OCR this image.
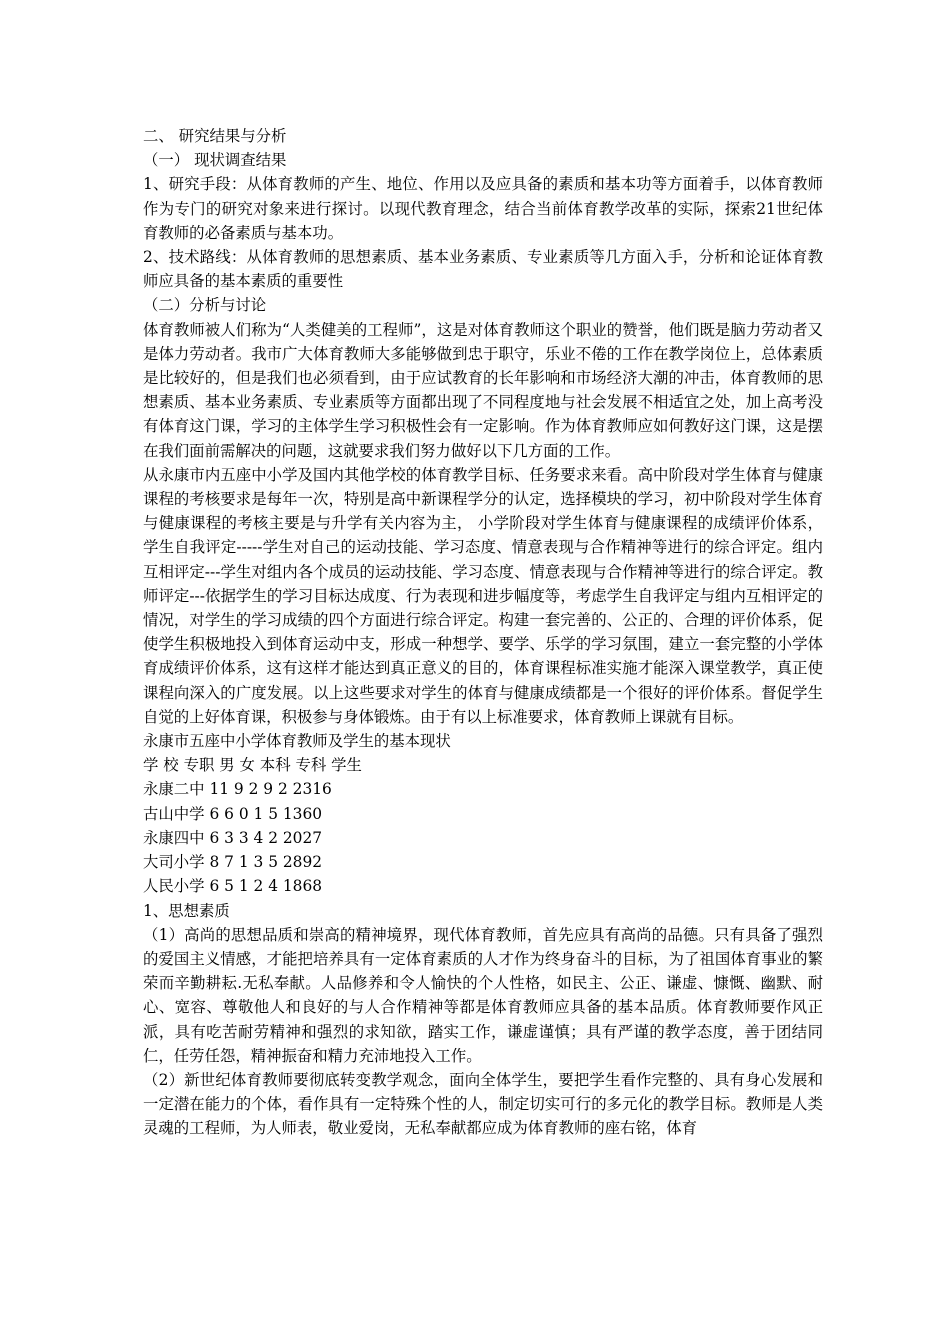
二、 研究结果与分析

（一） 现状调查结果

1、研究手段：从体育教师的产生、地位、作用以及应具备的素质和基本功等方面着手，以体育教师作为专门的研究对象来进行探讨。以现代教育理念，结合当前体育教学改革的实际，探索21世纪体育教师的必备素质与基本功。

2、技术路线：从体育教师的思想素质、基本业务素质、专业素质等几方面入手，分析和论证体育教师应具备的基本素质的重要性

（二）分析与讨论

体育教师被人们称为“人类健美的工程师”，这是对体育教师这个职业的赞誉，他们既是脑力劳动者又是体力劳动者。我市广大体育教师大多能够做到忠于职守，乐业不倦的工作在教学岗位上，总体素质是比较好的，但是我们也必须看到，由于应试教育的长年影响和市场经济大潮的冲击，体育教师的思想素质、基本业务素质、专业素质等方面都出现了不同程度地与社会发展不相适宜之处，加上高考没有体育这门课，学习的主体学生学习积极性会有一定影响。作为体育教师应如何教好这门课，这是摆在我们面前需解决的问题，这就要求我们努力做好以下几方面的工作。

从永康市内五座中小学及国内其他学校的体育教学目标、任务要求来看。高中阶段对学生体育与健康课程的考核要求是每年一次，特别是高中新课程学分的认定，选择模块的学习，初中阶段对学生体育与健康课程的考核主要是与升学有关内容为主， 小学阶段对学生体育与健康课程的成绩评价体系，学生自我评定-----学生对自己的运动技能、学习态度、情意表现与合作精神等进行的综合评定。组内互相评定---学生对组内各个成员的运动技能、学习态度、情意表现与合作精神等进行的综合评定。教师评定---依据学生的学习目标达成度、行为表现和进步幅度等，考虑学生自我评定与组内互相评定的情况，对学生的学习成绩的四个方面进行综合评定。构建一套完善的、公正的、合理的评价体系，促使学生积极地投入到体育运动中支，形成一种想学、要学、乐学的学习氛围，建立一套完整的小学体育成绩评价体系，这有这样才能达到真正意义的目的，体育课程标准实施才能深入课堂教学，真正使课程向深入的广度发展。以上这些要求对学生的体育与健康成绩都是一个很好的评价体系。督促学生自觉的上好体育课，积极参与身体锻炼。由于有以上标准要求，体育教师上课就有目标。

永康市五座中小学体育教师及学生的基本现状

学 校 专职 男 女 本科 专科 学生

永康二中 11 9 2 9 2 2316

古山中学 6 6 0 1 5 1360

永康四中 6 3 3 4 2 2027

大司小学 8 7 1 3 5 2892

人民小学 6 5 1 2 4 1868

1、思想素质

（1）高尚的思想品质和崇高的精神境界，现代体育教师，首先应具有高尚的品德。只有具备了强烈的爱国主义情感，才能把培养具有一定体育素质的人才作为终身奋斗的目标，为了祖国体育事业的繁荣而辛勤耕耘.无私奉献。人品修养和令人愉快的个人性格，如民主、公正、谦虚、慷慨、幽默、耐心、宽容、尊敬他人和良好的与人合作精神等都是体育教师应具备的基本品质。体育教师要作风正派，具有吃苦耐劳精神和强烈的求知欲，踏实工作，谦虚谨慎；具有严谨的教学态度，善于团结同仁，任劳任怨，精神振奋和精力充沛地投入工作。

（2）新世纪体育教师要彻底转变教学观念，面向全体学生，要把学生看作完整的、具有身心发展和一定潜在能力的个体，看作具有一定特殊个性的人，制定切实可行的多元化的教学目标。教师是人类灵魂的工程师，为人师表，敬业爱岗，无私奉献都应成为体育教师的座右铭，体育
